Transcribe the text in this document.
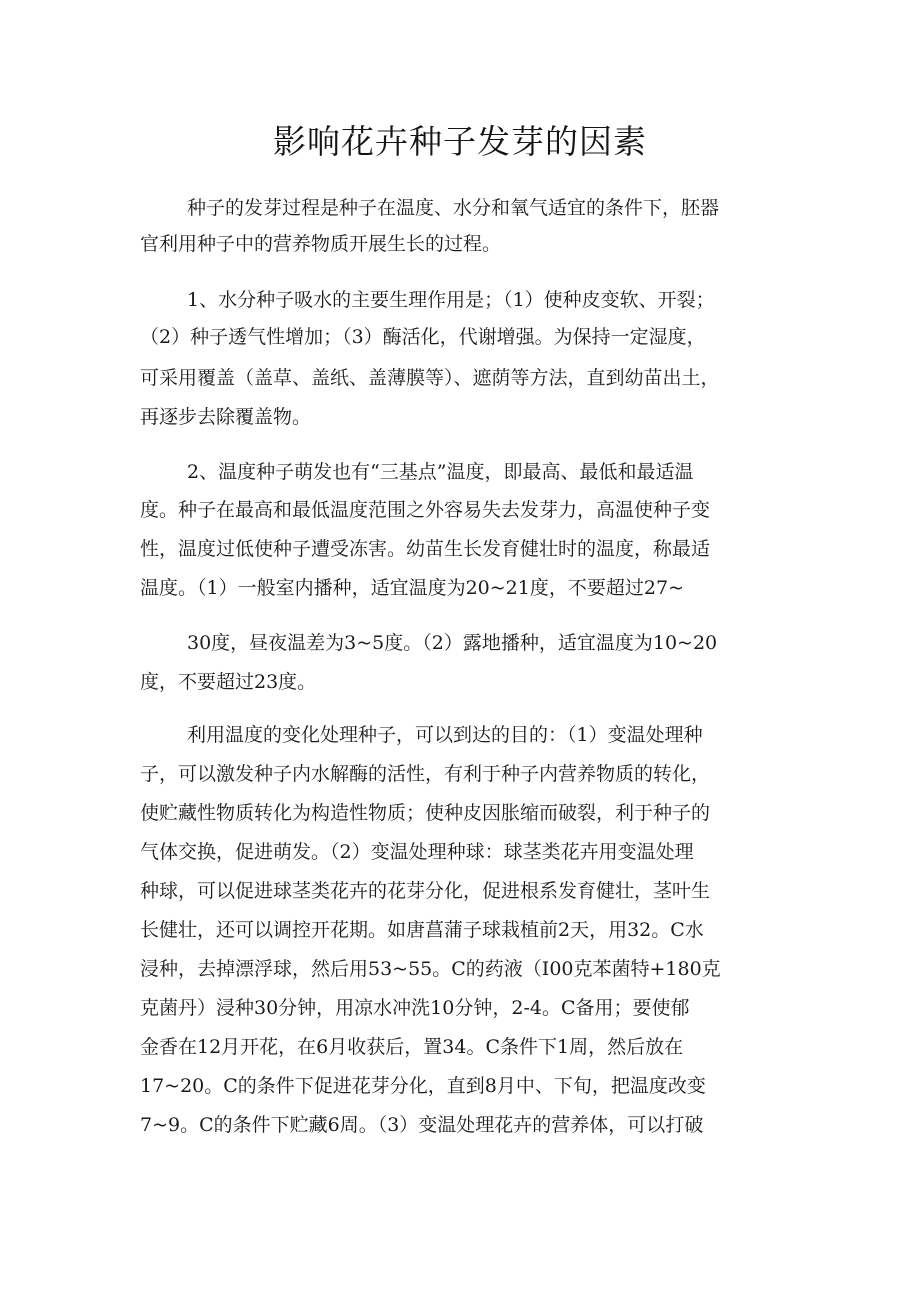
影响花卉种子发芽的因素
种子的发芽过程是种子在温度、水分和氧气适宜的条件下，胚器
官利用种子中的营养物质开展生长的过程。
1、水分种子吸水的主要生理作用是；（1）使种皮变软、开裂；
（2）种子透气性增加；（3）酶活化，代谢增强。为保持一定湿度，
可采用覆盖（盖草、盖纸、盖薄膜等）、遮荫等方法，直到幼苗出土，
再逐步去除覆盖物。
2、温度种子萌发也有“三基点”温度，即最高、最低和最适温
度。种子在最高和最低温度范围之外容易失去发芽力，高温使种子变
性，温度过低使种子遭受冻害。幼苗生长发育健壮时的温度，称最适
温度。（1）一般室内播种，适宜温度为20~21度，不要超过27~
30度，昼夜温差为3~5度。（2）露地播种，适宜温度为10~20
度，不要超过23度。
利用温度的变化处理种子，可以到达的目的：（1）变温处理种
子，可以激发种子内水解酶的活性，有利于种子内营养物质的转化，
使贮藏性物质转化为构造性物质；使种皮因胀缩而破裂，利于种子的
气体交换，促进萌发。（2）变温处理种球：球茎类花卉用变温处理
种球，可以促进球茎类花卉的花芽分化，促进根系发育健壮，茎叶生
长健壮，还可以调控开花期。如唐菖蒲子球栽植前2天，用32。C水
浸种，去掉漂浮球，然后用53~55。C的药液（I00克苯菌特+180克
克菌丹）浸种30分钟，用凉水冲洗10分钟，2-4。C备用；要使郁
金香在12月开花，在6月收获后，置34。C条件下1周，然后放在
17~20。C的条件下促进花芽分化，直到8月中、下旬，把温度改变
7~9。C的条件下贮藏6周。（3）变温处理花卉的营养体，可以打破
